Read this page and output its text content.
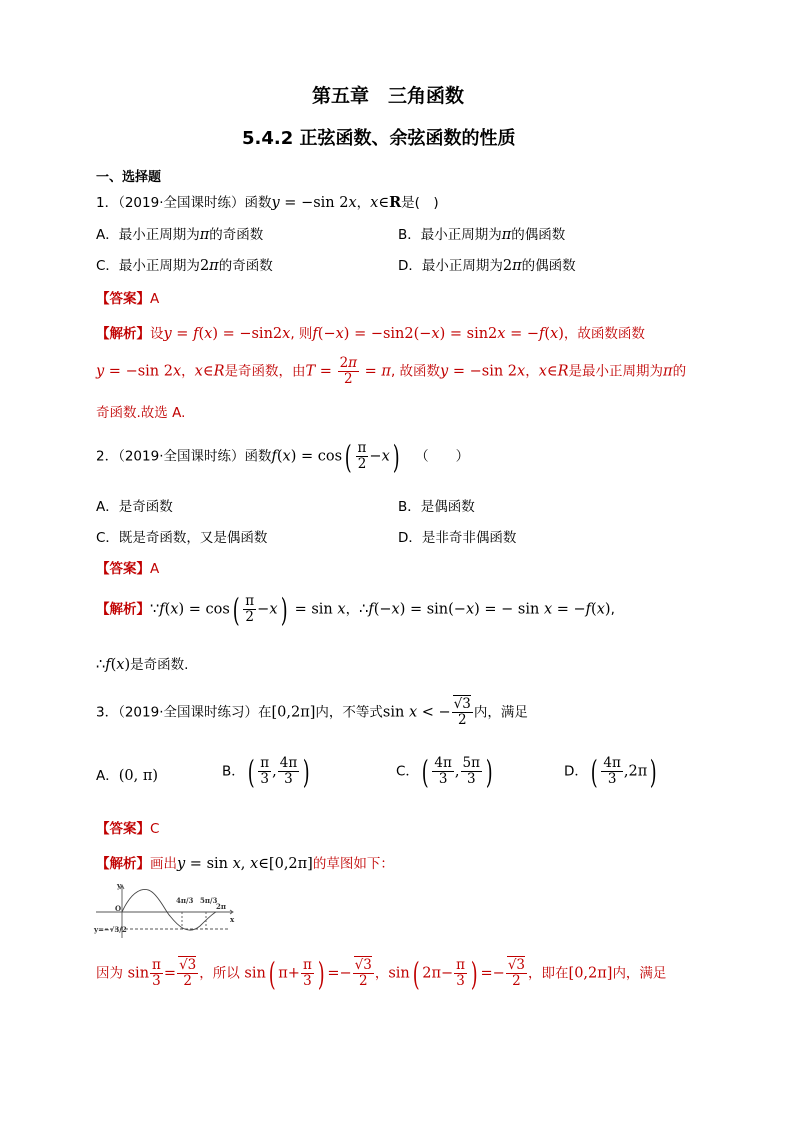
第五章　三角函数
5.4.2 正弦函数、余弦函数的性质
一、选择题
1．（2019·全国课时练）函数y = −sin 2x，x∈R是(　)
A．最小正周期为π的奇函数	B．最小正周期为π的偶函数
C．最小正周期为2π的奇函数	D．最小正周期为2π的偶函数
【答案】A
【解析】设y = f(x) = −sin2x, 则f(−x) = −sin2(−x) = sin2x = −f(x)，故函数函数
y = −sin 2x，x∈R是奇函数，由$T = \frac{2\pi}{2} = \pi$, 故函数y = −sin 2x，x∈R是最小正周期为π的
奇函数.故选 A.
2．（2019·全国课时练）函数$f(x) = \cos( \frac{\pi}{2} -x)$ （　　）
A．是奇函数	B．是偶函数
C．既是奇函数，又是偶函数	D．是非奇非偶函数
【答案】A
【解析】∵f(x) = $\cos( \frac{\pi}{2} -x) = \sin x$，∴f(−x) = sin(−x) = − sin x = −f(x),
∴f(x)是奇函数.
3．（2019·全国课时练习）在[0,2π]内，不等式sin x < − $\frac{√3}{2}$ 内，满足
A．(0, π)	B．( $\frac{\pi}{3}$ , $\frac{4\pi}{3}$ )	C．( $\frac{4\pi}{3}$ , $\frac{5\pi}{3}$ )	D．( $\frac{4\pi}{3} ,2\pi$)
【答案】C
【解析】画出y = sin x, x∈[0,2π]的草图如下：
y
x
O
4π/3 5π/3
2π
y=−√3/2
因为 $\sin \frac{\pi}{3} = \frac{√3}{2}$ ，所以 sin( $\pi+ \frac{\pi}{3}$ ) =− $\frac{√3}{2}$ ，sin( $2\pi- \frac{\pi}{3}$ ) =− $\frac{√3}{2}$ ，即在[0,2π]内，满足
